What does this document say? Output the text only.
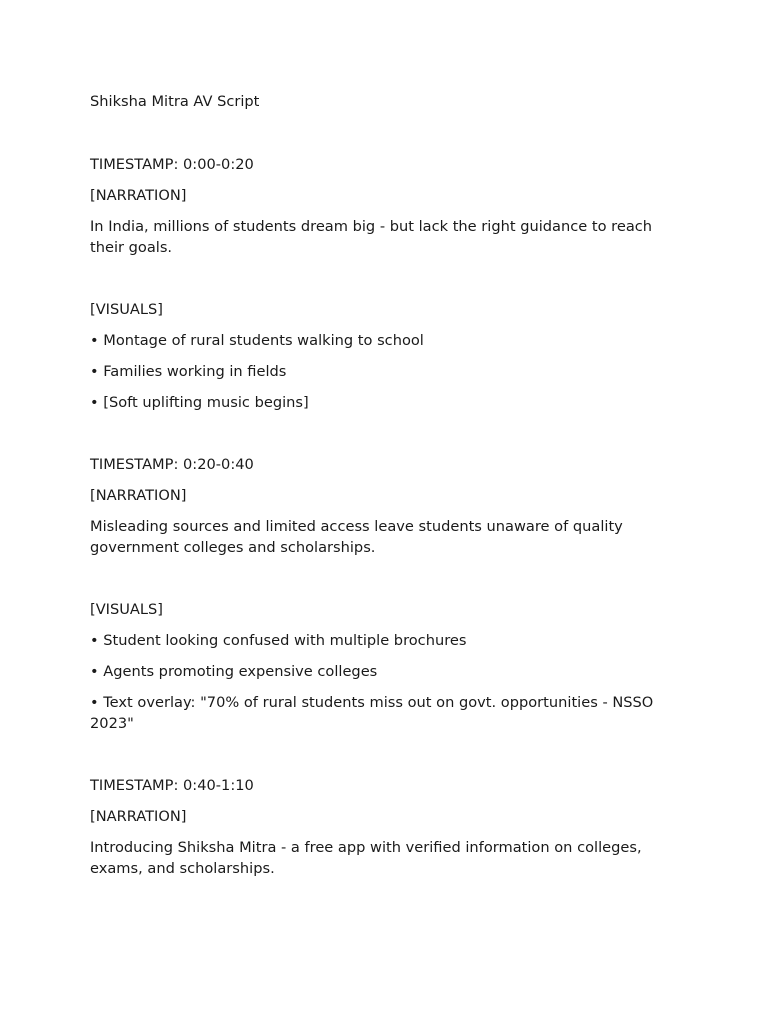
Shiksha Mitra AV Script

TIMESTAMP: 0:00-0:20

[NARRATION]

In India, millions of students dream big - but lack the right guidance to reach their goals.

[VISUALS]

• Montage of rural students walking to school

• Families working in fields

• [Soft uplifting music begins]

TIMESTAMP: 0:20-0:40

[NARRATION]

Misleading sources and limited access leave students unaware of quality government colleges and scholarships.

[VISUALS]

• Student looking confused with multiple brochures

• Agents promoting expensive colleges

• Text overlay: "70% of rural students miss out on govt. opportunities - NSSO 2023"

TIMESTAMP: 0:40-1:10

[NARRATION]

Introducing Shiksha Mitra - a free app with verified information on colleges, exams, and scholarships.
